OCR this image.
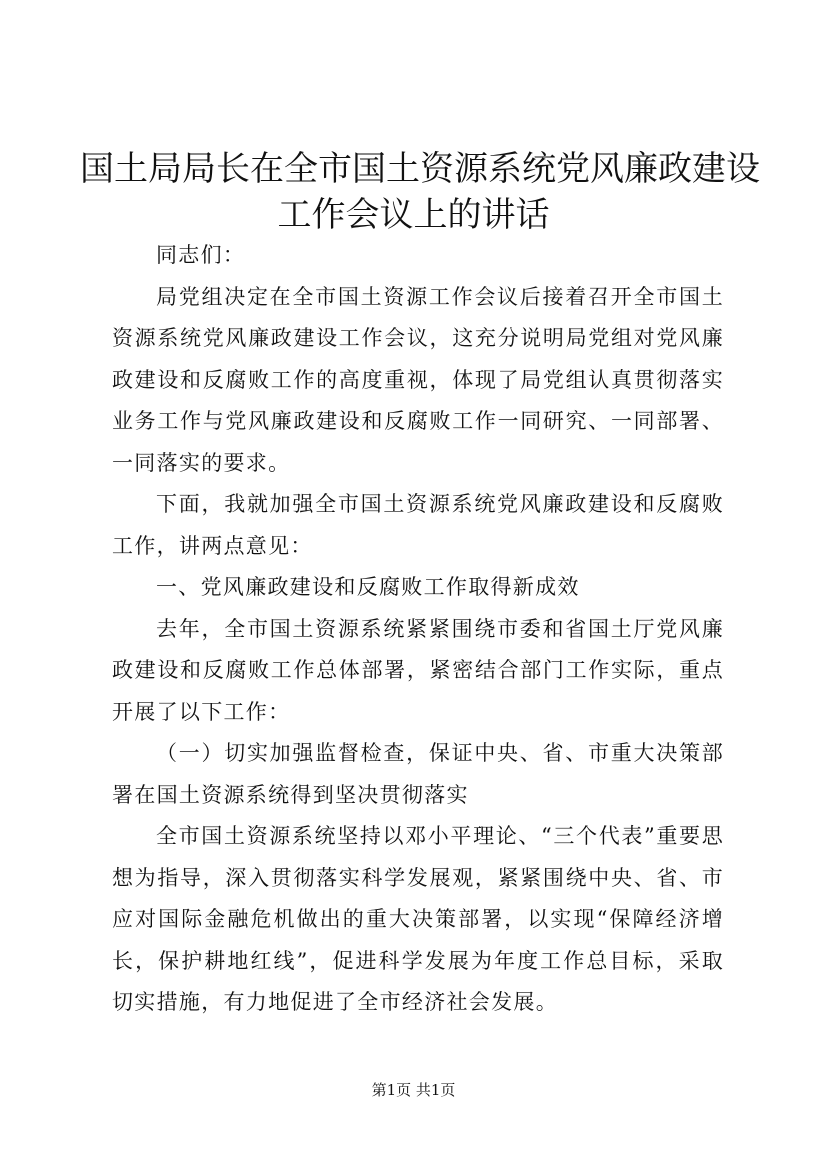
国土局局长在全市国土资源系统党风廉政建设
工作会议上的讲话

同志们：

局党组决定在全市国土资源工作会议后接着召开全市国土资源系统党风廉政建设工作会议，这充分说明局党组对党风廉政建设和反腐败工作的高度重视，体现了局党组认真贯彻落实业务工作与党风廉政建设和反腐败工作一同研究、一同部署、一同落实的要求。

下面，我就加强全市国土资源系统党风廉政建设和反腐败工作，讲两点意见：

一、党风廉政建设和反腐败工作取得新成效

去年，全市国土资源系统紧紧围绕市委和省国土厅党风廉政建设和反腐败工作总体部署，紧密结合部门工作实际，重点开展了以下工作：

（一）切实加强监督检查，保证中央、省、市重大决策部署在国土资源系统得到坚决贯彻落实

全市国土资源系统坚持以邓小平理论、“三个代表”重要思想为指导，深入贯彻落实科学发展观，紧紧围绕中央、省、市应对国际金融危机做出的重大决策部署，以实现“保障经济增长，保护耕地红线”，促进科学发展为年度工作总目标，采取切实措施，有力地促进了全市经济社会发展。

第1页 共1页
